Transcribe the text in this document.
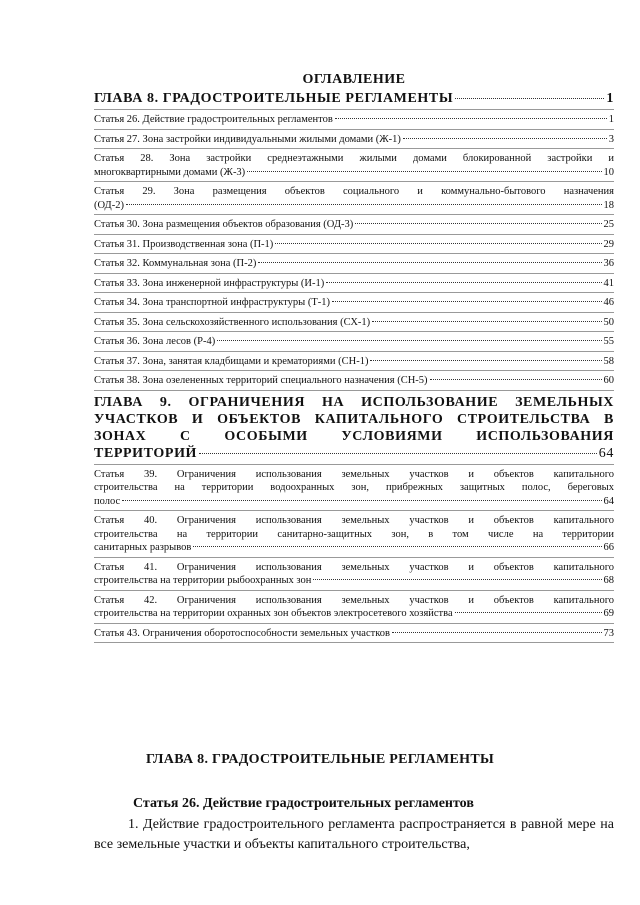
ОГЛАВЛЕНИЕ
ГЛАВА 8. ГРАДОСТРОИТЕЛЬНЫЕ РЕГЛАМЕНТЫ	1
Статья 26. Действие градостроительных регламентов	1
Статья 27. Зона застройки индивидуальными жилыми домами (Ж-1)	3
Статья 28. Зона застройки среднеэтажными жилыми домами блокированной застройки и
многоквартирными домами (Ж-3)	10
Статья 29. Зона размещения объектов социального и коммунально-бытового назначения
(ОД-2)	18
Статья 30. Зона размещения объектов образования (ОД-3)	25
Статья 31. Производственная зона (П-1)	29
Статья 32. Коммунальная зона (П-2)	36
Статья 33. Зона инженерной инфраструктуры (И-1)	41
Статья 34. Зона транспортной инфраструктуры (Т-1)	46
Статья 35. Зона сельскохозяйственного использования (СХ-1)	50
Статья 36. Зона лесов (Р-4)	55
Статья 37. Зона, занятая кладбищами и крематориями (СН-1)	58
Статья 38. Зона озелененных территорий специального назначения (СН-5)	60
ГЛАВА 9. ОГРАНИЧЕНИЯ НА ИСПОЛЬЗОВАНИЕ ЗЕМЕЛЬНЫХ
УЧАСТКОВ И ОБЪЕКТОВ КАПИТАЛЬНОГО СТРОИТЕЛЬСТВА В
ЗОНАХ С ОСОБЫМИ УСЛОВИЯМИ ИСПОЛЬЗОВАНИЯ
ТЕРРИТОРИЙ	64
Статья 39. Ограничения использования земельных участков и объектов капитального
строительства на территории водоохранных зон, прибрежных защитных полос, береговых
полос	64
Статья 40. Ограничения использования земельных участков и объектов капитального
строительства на территории санитарно-защитных зон, в том числе на территории
санитарных разрывов	66
Статья 41. Ограничения использования земельных участков и объектов капитального
строительства на территории рыбоохранных зон	68
Статья 42. Ограничения использования земельных участков и объектов капитального
строительства на территории охранных зон объектов электросетевого хозяйства	69
Статья 43. Ограничения оборотоспособности земельных участков	73
ГЛАВА 8. ГРАДОСТРОИТЕЛЬНЫЕ РЕГЛАМЕНТЫ
Статья 26. Действие градостроительных регламентов
1. Действие градостроительного регламента распространяется в равной мере на все земельные участки и объекты капитального строительства,
